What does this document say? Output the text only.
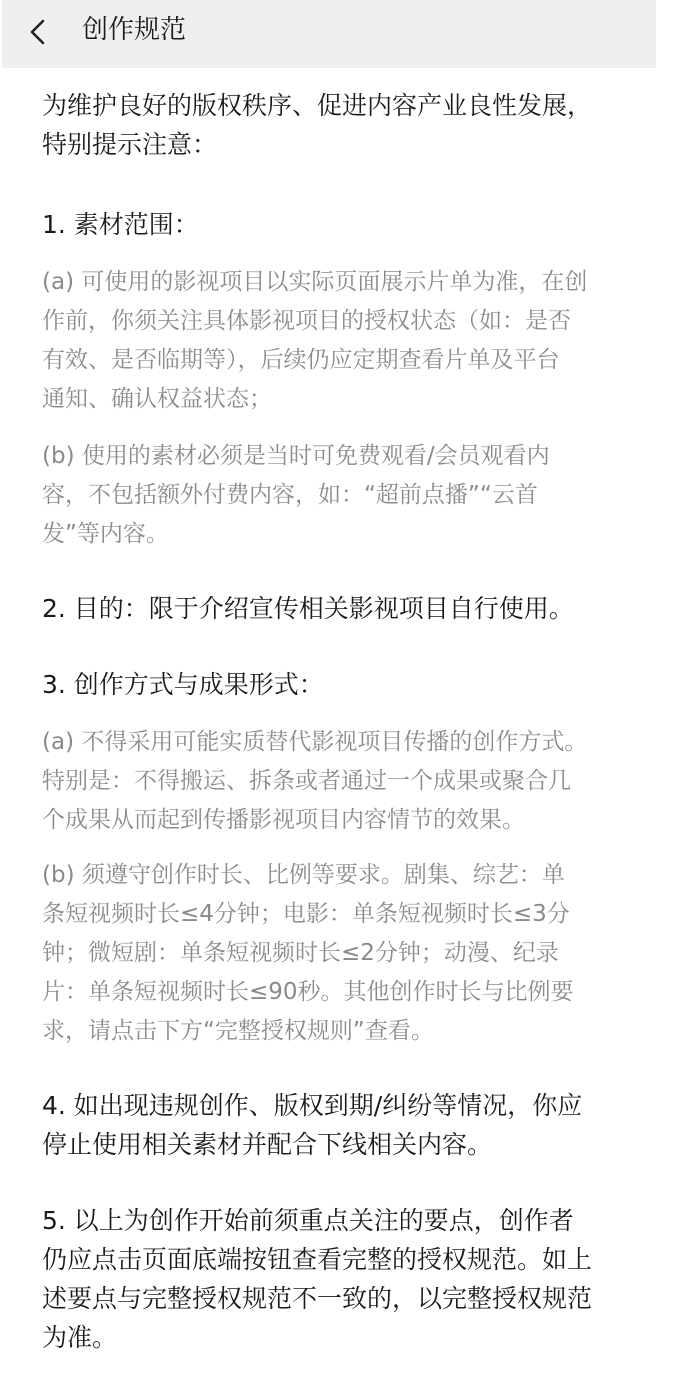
创作规范
为维护良好的版权秩序、促进内容产业良性发展，
特别提示注意：
1. 素材范围：
(a) 可使用的影视项目以实际页面展示片单为准，在创
作前，你须关注具体影视项目的授权状态（如：是否
有效、是否临期等），后续仍应定期查看片单及平台
通知、确认权益状态；
(b) 使用的素材必须是当时可免费观看/会员观看内
容，不包括额外付费内容，如：“超前点播”“云首
发”等内容。
2. 目的：限于介绍宣传相关影视项目自行使用。
3. 创作方式与成果形式：
(a) 不得采用可能实质替代影视项目传播的创作方式。
特别是：不得搬运、拆条或者通过一个成果或聚合几
个成果从而起到传播影视项目内容情节的效果。
(b) 须遵守创作时长、比例等要求。剧集、综艺：单
条短视频时长≤4分钟；电影：单条短视频时长≤3分
钟；微短剧：单条短视频时长≤2分钟；动漫、纪录
片：单条短视频时长≤90秒。其他创作时长与比例要
求，请点击下方“完整授权规则”查看。
4. 如出现违规创作、版权到期/纠纷等情况，你应
停止使用相关素材并配合下线相关内容。
5. 以上为创作开始前须重点关注的要点，创作者
仍应点击页面底端按钮查看完整的授权规范。如上
述要点与完整授权规范不一致的，以完整授权规范
为准。
